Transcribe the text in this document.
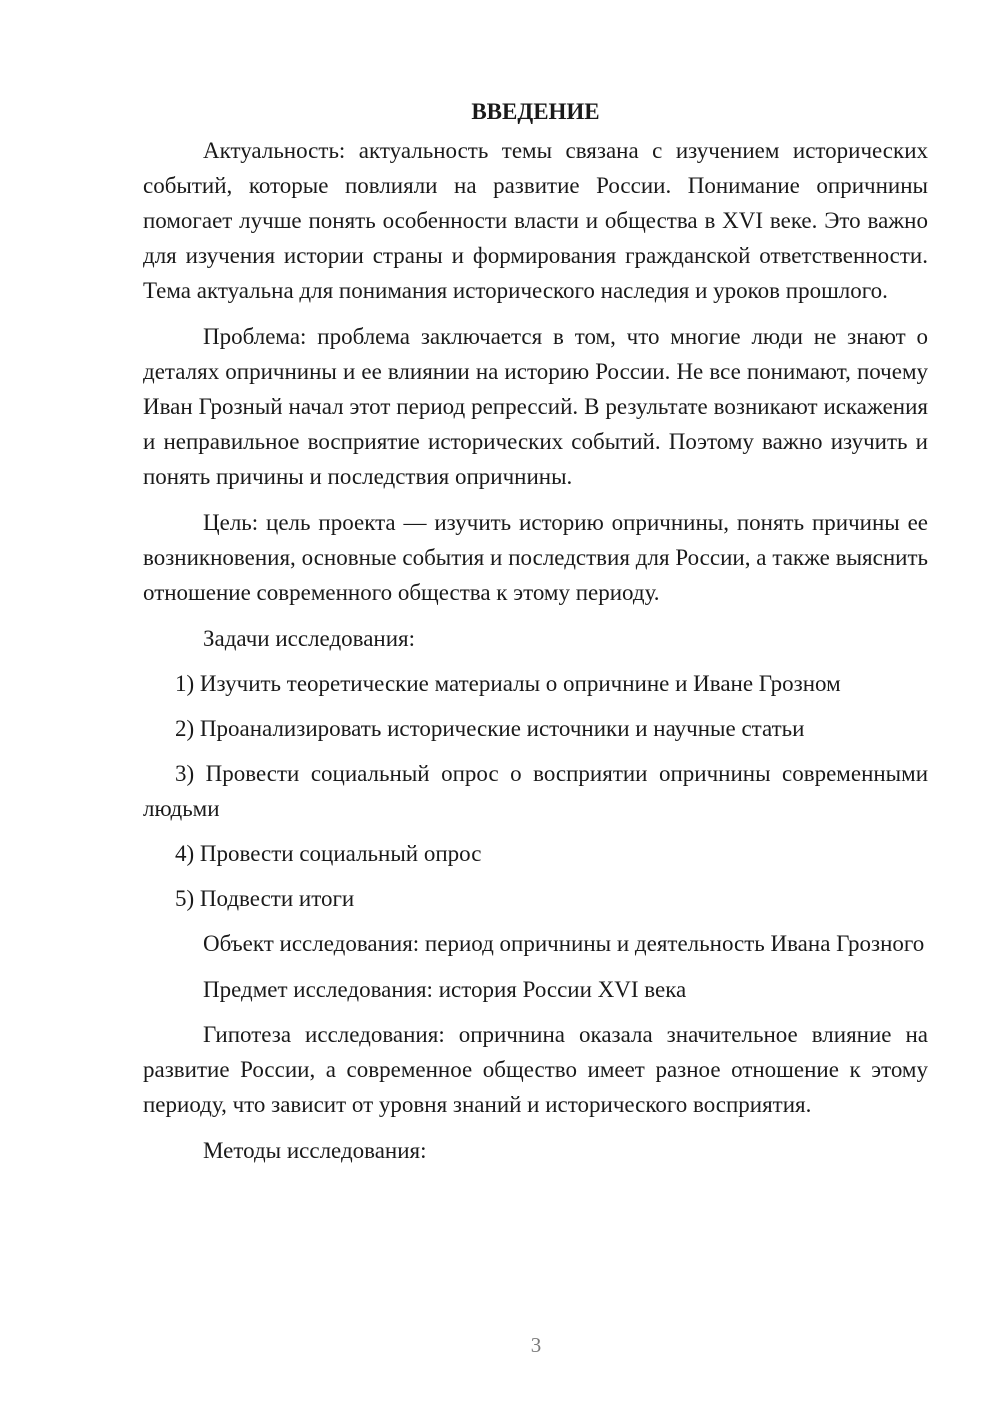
ВВЕДЕНИЕ

Актуальность: актуальность темы связана с изучением исторических событий, которые повлияли на развитие России. Понимание опричнины помогает лучше понять особенности власти и общества в XVI веке. Это важно для изучения истории страны и формирования гражданской ответственности. Тема актуальна для понимания исторического наследия и уроков прошлого.

Проблема: проблема заключается в том, что многие люди не знают о деталях опричнины и ее влиянии на историю России. Не все понимают, почему Иван Грозный начал этот период репрессий. В результате возникают искажения и неправильное восприятие исторических событий. Поэтому важно изучить и понять причины и последствия опричнины.

Цель: цель проекта — изучить историю опричнины, понять причины ее возникновения, основные события и последствия для России, а также выяснить отношение современного общества к этому периоду.

Задачи исследования:

1) Изучить теоретические материалы о опричнине и Иване Грозном

2) Проанализировать исторические источники и научные статьи

3) Провести социальный опрос о восприятии опричнины современными людьми

4) Провести социальный опрос

5) Подвести итоги

Объект исследования: период опричнины и деятельность Ивана Грозного

Предмет исследования: история России XVI века

Гипотеза исследования: опричнина оказала значительное влияние на развитие России, а современное общество имеет разное отношение к этому периоду, что зависит от уровня знаний и исторического восприятия.

Методы исследования:

3
